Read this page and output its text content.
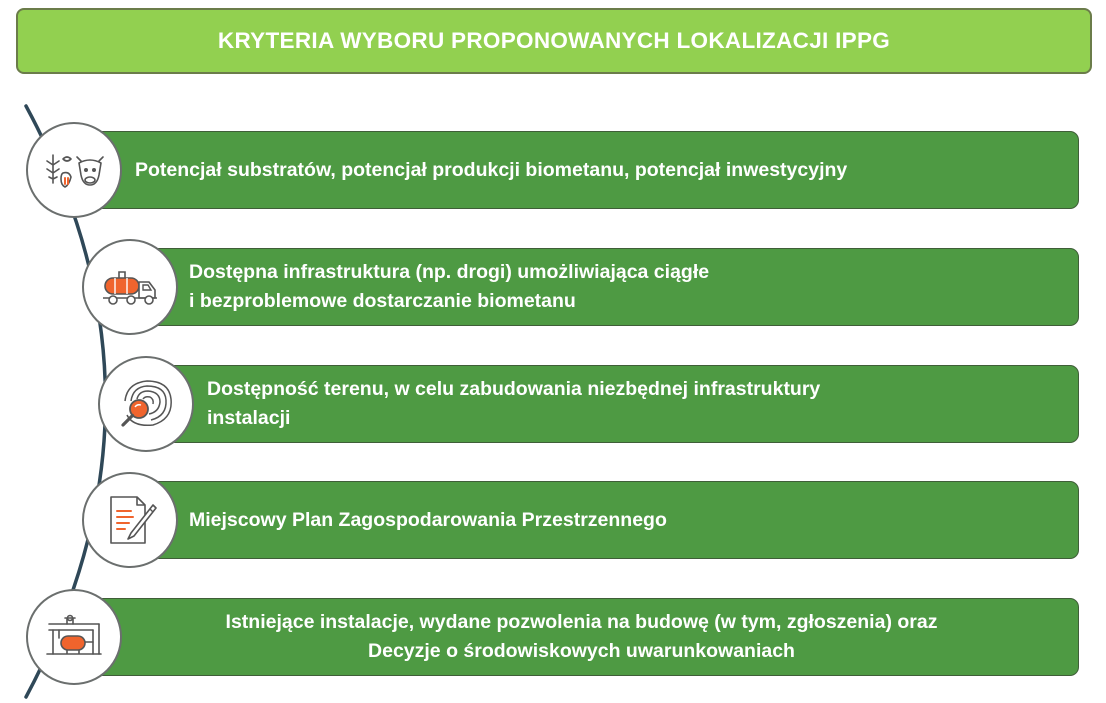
KRYTERIA WYBORU PROPONOWANYCH LOKALIZACJI IPPG
Potencjał substratów, potencjał produkcji biometanu, potencjał inwestycyjny
Dostępna infrastruktura (np. drogi) umożliwiająca ciągłe
i bezproblemowe dostarczanie biometanu
Dostępność terenu, w celu zabudowania niezbędnej infrastruktury
instalacji
Miejscowy Plan Zagospodarowania Przestrzennego
Istniejące instalacje, wydane pozwolenia na budowę (w tym, zgłoszenia) oraz
Decyzje o środowiskowych uwarunkowaniach
